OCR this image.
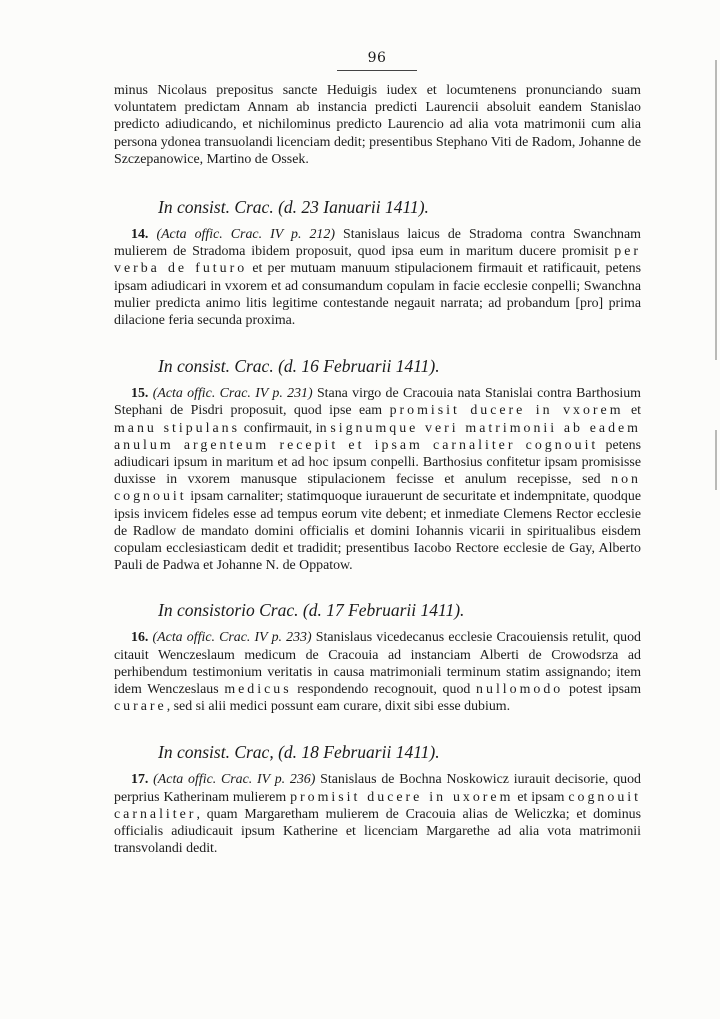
96

minus Nicolaus prepositus sancte Heduigis iudex et locumtenens pronunciando suam voluntatem predictam Annam ab instancia predicti Laurencii absoluit eandem Stanislao predicto adiudicando, et nichilominus predicto Laurencio ad alia vota matrimonii cum alia persona ydonea transuolandi licenciam dedit; presentibus Stephano Viti de Radom, Johanne de Szczepanowice, Martino de Ossek.

In consist. Crac. (d. 23 Ianuarii 1411).

14. (Acta offic. Crac. IV p. 212) Stanislaus laicus de Stradoma contra Swanchnam mulierem de Stradoma ibidem proposuit, quod ipsa eum in maritum ducere promisit per verba de futuro et per mutuam manuum stipulacionem firmauit et ratificauit, petens ipsam adiudicari in vxorem et ad consumandum copulam in facie ecclesie conpelli; Swanchna mulier predicta animo litis legitime contestande negauit narrata; ad probandum [pro] prima dilacione feria secunda proxima.

In consist. Crac. (d. 16 Februarii 1411).

15. (Acta offic. Crac. IV p. 231) Stana virgo de Cracouia nata Stanislai contra Barthosium Stephani de Pisdri proposuit, quod ipse eam promisit ducere in vxorem et manu stipulans confirmauit, in signumque veri matrimonii ab eadem anulum argenteum recepit et ipsam carnaliter cognouit petens adiudicari ipsum in maritum et ad hoc ipsum conpelli. Barthosius confitetur ipsam promisisse duxisse in vxorem manusque stipulacionem fecisse et anulum recepisse, sed non cognouit ipsam carnaliter; statimquoque iurauerunt de securitate et indempnitate, quodque ipsis invicem fideles esse ad tempus eorum vite debent; et inmediate Clemens Rector ecclesie de Radlow de mandato domini officialis et domini Iohannis vicarii in spiritualibus eisdem copulam ecclesiasticam dedit et tradidit; presentibus Iacobo Rectore ecclesie de Gay, Alberto Pauli de Padwa et Johanne N. de Oppatow.

In consistorio Crac. (d. 17 Februarii 1411).

16. (Acta offic. Crac. IV p. 233) Stanislaus vicedecanus ecclesie Cracouiensis retulit, quod citauit Wenczeslaum medicum de Cracouia ad instanciam Alberti de Crowodsrza ad perhibendum testimonium veritatis in causa matrimoniali terminum statim assignando; item idem Wenczeslaus medicus respondendo recognouit, quod nullomodo potest ipsam curare, sed si alii medici possunt eam curare, dixit sibi esse dubium.

In consist. Crac, (d. 18 Februarii 1411).

17. (Acta offic. Crac. IV p. 236) Stanislaus de Bochna Noskowicz iurauit decisorie, quod perprius Katherinam mulierem promisit ducere in uxorem et ipsam cognouit carnaliter, quam Margaretham mulierem de Cracouia alias de Weliczka; et dominus officialis adiudicauit ipsum Katherine et licenciam Margarethe ad alia vota matrimonii transvolandi dedit.
